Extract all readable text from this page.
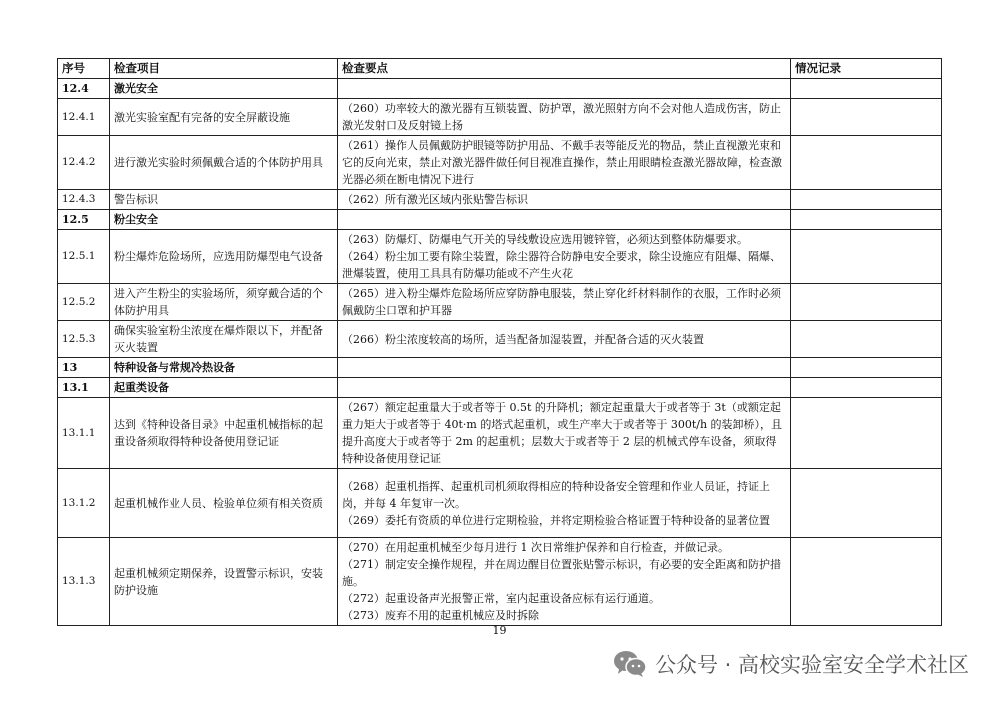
序号	检查项目	检查要点	情况记录
12.4	激光安全		
12.4.1	激光实验室配有完备的安全屏蔽设施	（260）功率较大的激光器有互锁装置、防护罩，激光照射方向不会对他人造成伤害，防止激光发射口及反射镜上扬	

12.4.2	进行激光实验时须佩戴合适的个体防护用具	（261）操作人员佩戴防护眼镜等防护用品、不戴手表等能反光的物品，禁止直视激光束和它的反向光束，禁止对激光器件做任何目视准直操作，禁止用眼睛检查激光器故障，检查激光器必须在断电情况下进行	

12.4.3	警告标识	（262）所有激光区域内张贴警告标识	

12.5	粉尘安全		
12.5.1	粉尘爆炸危险场所，应选用防爆型电气设备	（263）防爆灯、防爆电气开关的导线敷设应选用镀锌管，必须达到整体防爆要求。
（264）粉尘加工要有除尘装置，除尘器符合防静电安全要求，除尘设施应有阻爆、隔爆、泄爆装置，使用工具具有防爆功能或不产生火花	

12.5.2	进入产生粉尘的实验场所，须穿戴合适的个体防护用具	（265）进入粉尘爆炸危险场所应穿防静电服装，禁止穿化纤材料制作的衣服，工作时必须佩戴防尘口罩和护耳器	

12.5.3	确保实验室粉尘浓度在爆炸限以下，并配备灭火装置	（266）粉尘浓度较高的场所，适当配备加湿装置，并配备合适的灭火装置	

13	特种设备与常规冷热设备		
13.1	起重类设备		
13.1.1	达到《特种设备目录》中起重机械指标的起重设备须取得特种设备使用登记证	（267）额定起重量大于或者等于 0.5t 的升降机；额定起重量大于或者等于 3t（或额定起重力矩大于或者等于 40t·m 的塔式起重机，或生产率大于或者等于 300t/h 的装卸桥），且提升高度大于或者等于 2m 的起重机；层数大于或者等于 2 层的机械式停车设备，须取得特种设备使用登记证	

13.1.2	起重机械作业人员、检验单位须有相关资质	（268）起重机指挥、起重机司机须取得相应的特种设备安全管理和作业人员证，持证上岗，并每 4 年复审一次。
（269）委托有资质的单位进行定期检验，并将定期检验合格证置于特种设备的显著位置	

13.1.3	起重机械须定期保养，设置警示标识，安装防护设施	（270）在用起重机械至少每月进行 1 次日常维护保养和自行检查，并做记录。
（271）制定安全操作规程，并在周边醒目位置张贴警示标识，有必要的安全距离和防护措施。
（272）起重设备声光报警正常，室内起重设备应标有运行通道。
（273）废弃不用的起重机械应及时拆除	

19
公众号 · 高校实验室安全学术社区
